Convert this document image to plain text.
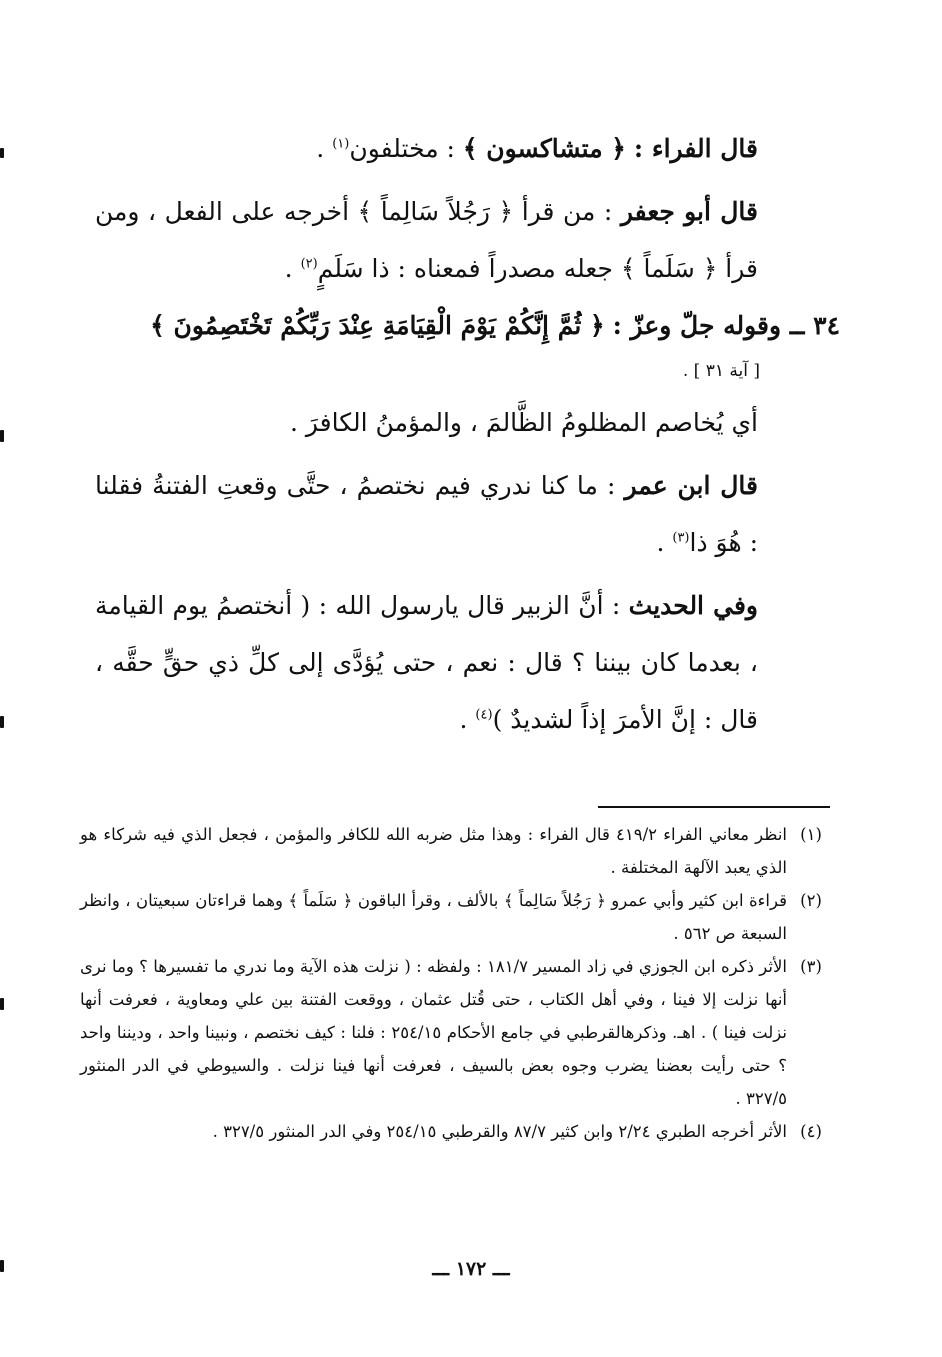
قال الفراء : ﴿ متشاكسون ﴾ : مختلفون$^{(١)}$ .

قال أبو جعفر : من قرأ ﴿ رَجُلاً سَالِماً ﴾ أخرجه على الفعل ، ومن قرأ ﴿ سَلَماً ﴾ جعله مصدراً فمعناه : ذا سَلَمٍ$^{(٢)}$ .

٣٤ ــ وقوله جلّ وعزّ : ﴿ ثُمَّ إِنَّكُمْ يَوْمَ الْقِيَامَةِ عِنْدَ رَبِّكُمْ تَخْتَصِمُونَ ﴾

[ آية ٣١ ] .

أي يُخاصم المظلومُ الظَّالمَ ، والمؤمنُ الكافرَ .

قال ابن عمر : ما كنا ندري فيم نختصمُ ، حتَّى وقعتِ الفتنةُ فقلنا : هُوَ ذا$^{(٣)}$ .

وفي الحديث : أنَّ الزبير قال يارسول الله : ( أنختصمُ يوم القيامة ، بعدما كان بيننا ؟ قال : نعم ، حتى يُؤدَّى إلى كلِّ ذي حقٍّ حقَّه ، قال : إنَّ الأمرَ إذاً لشديدٌ )$^{(٤)}$ .

(١)
انظر معاني الفراء ٤١٩/٢ قال الفراء : وهذا مثل ضربه الله للكافر والمؤمن ، فجعل الذي فيه شركاء هو الذي يعبد الآلهة المختلفة .

(٢)
قراءة ابن كثير وأبي عمرو ﴿ رَجُلاً سَالِماً ﴾ بالألف ، وقرأ الباقون ﴿ سَلَماً ﴾ وهما قراءتان سبعيتان ، وانظر السبعة ص ٥٦٢ .

(٣)
الأثر ذكره ابن الجوزي في زاد المسير ١٨١/٧ : ولفظه : ( نزلت هذه الآية وما ندري ما تفسيرها ؟ وما نرى أنها نزلت إلا فينا ، وفي أهل الكتاب ، حتى قُتل عثمان ، ووقعت الفتنة بين علي ومعاوية ، فعرفت أنها نزلت فينا ) . اهـ. وذكرهالقرطبي في جامع الأحكام ٢٥٤/١٥ : فلنا : كيف نختصم ، ونبينا واحد ، وديننا واحد ؟ حتى رأيت بعضنا يضرب وجوه بعض بالسيف ، فعرفت أنها فينا نزلت . والسيوطي في الدر المنثور ٣٢٧/٥ .

(٤)
الأثر أخرجه الطبري ٢/٢٤ وابن كثير ٨٧/٧ والقرطبي ٢٥٤/١٥ وفي الدر المنثور ٣٢٧/٥ .

ـــ ١٧٢ ـــ
